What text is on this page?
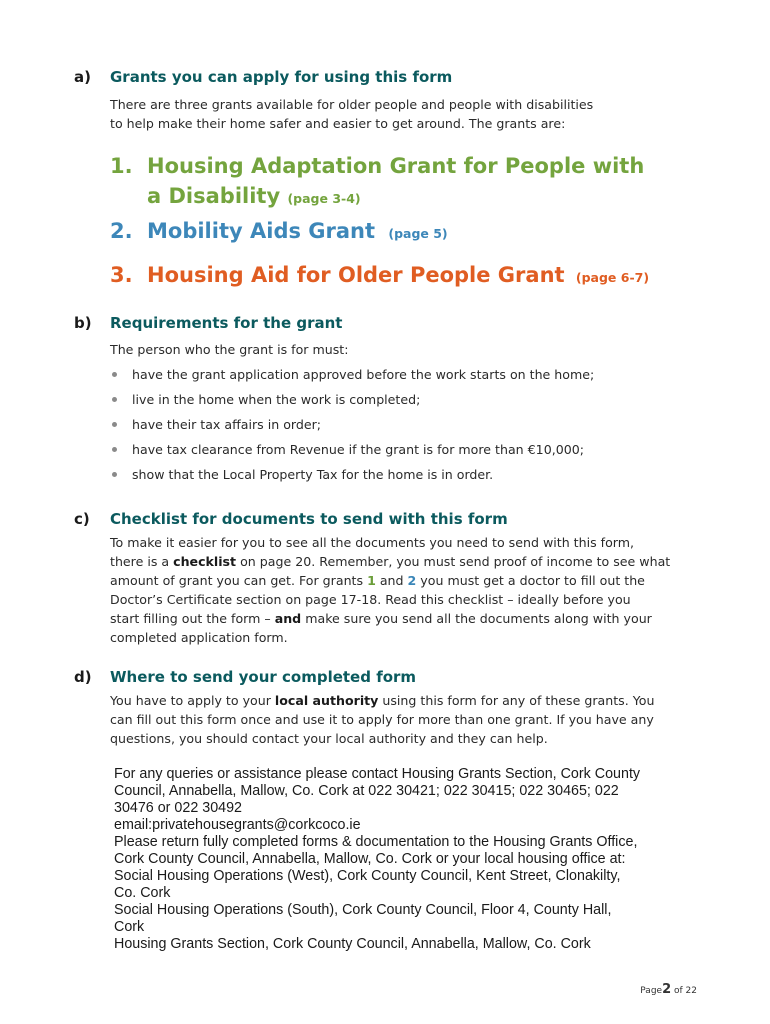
a) Grants you can apply for using this form
There are three grants available for older people and people with disabilities
to help make their home safer and easier to get around. The grants are:
1. Housing Adaptation Grant for People with
a Disability (page 3-4)
2. Mobility Aids Grant (page 5)
3. Housing Aid for Older People Grant (page 6-7)
b) Requirements for the grant
The person who the grant is for must:
have the grant application approved before the work starts on the home;
live in the home when the work is completed;
have their tax affairs in order;
have tax clearance from Revenue if the grant is for more than €10,000;
show that the Local Property Tax for the home is in order.
c) Checklist for documents to send with this form
To make it easier for you to see all the documents you need to send with this form,
there is a checklist on page 20. Remember, you must send proof of income to see what
amount of grant you can get. For grants 1 and 2 you must get a doctor to fill out the
Doctor’s Certificate section on page 17-18. Read this checklist – ideally before you
start filling out the form – and make sure you send all the documents along with your
completed application form.
d) Where to send your completed form
You have to apply to your local authority using this form for any of these grants. You
can fill out this form once and use it to apply for more than one grant. If you have any
questions, you should contact your local authority and they can help.
For any queries or assistance please contact Housing Grants Section, Cork County
Council, Annabella, Mallow, Co. Cork at 022 30421; 022 30415; 022 30465; 022
30476 or 022 30492
email:privatehousegrants@corkcoco.ie
Please return fully completed forms & documentation to the Housing Grants Office,
Cork County Council, Annabella, Mallow, Co. Cork or your local housing office at:
Social Housing Operations (West), Cork County Council, Kent Street, Clonakilty,
Co. Cork
Social Housing Operations (South), Cork County Council, Floor 4, County Hall,
Cork
Housing Grants Section, Cork County Council, Annabella, Mallow, Co. Cork
Page2 of 22
